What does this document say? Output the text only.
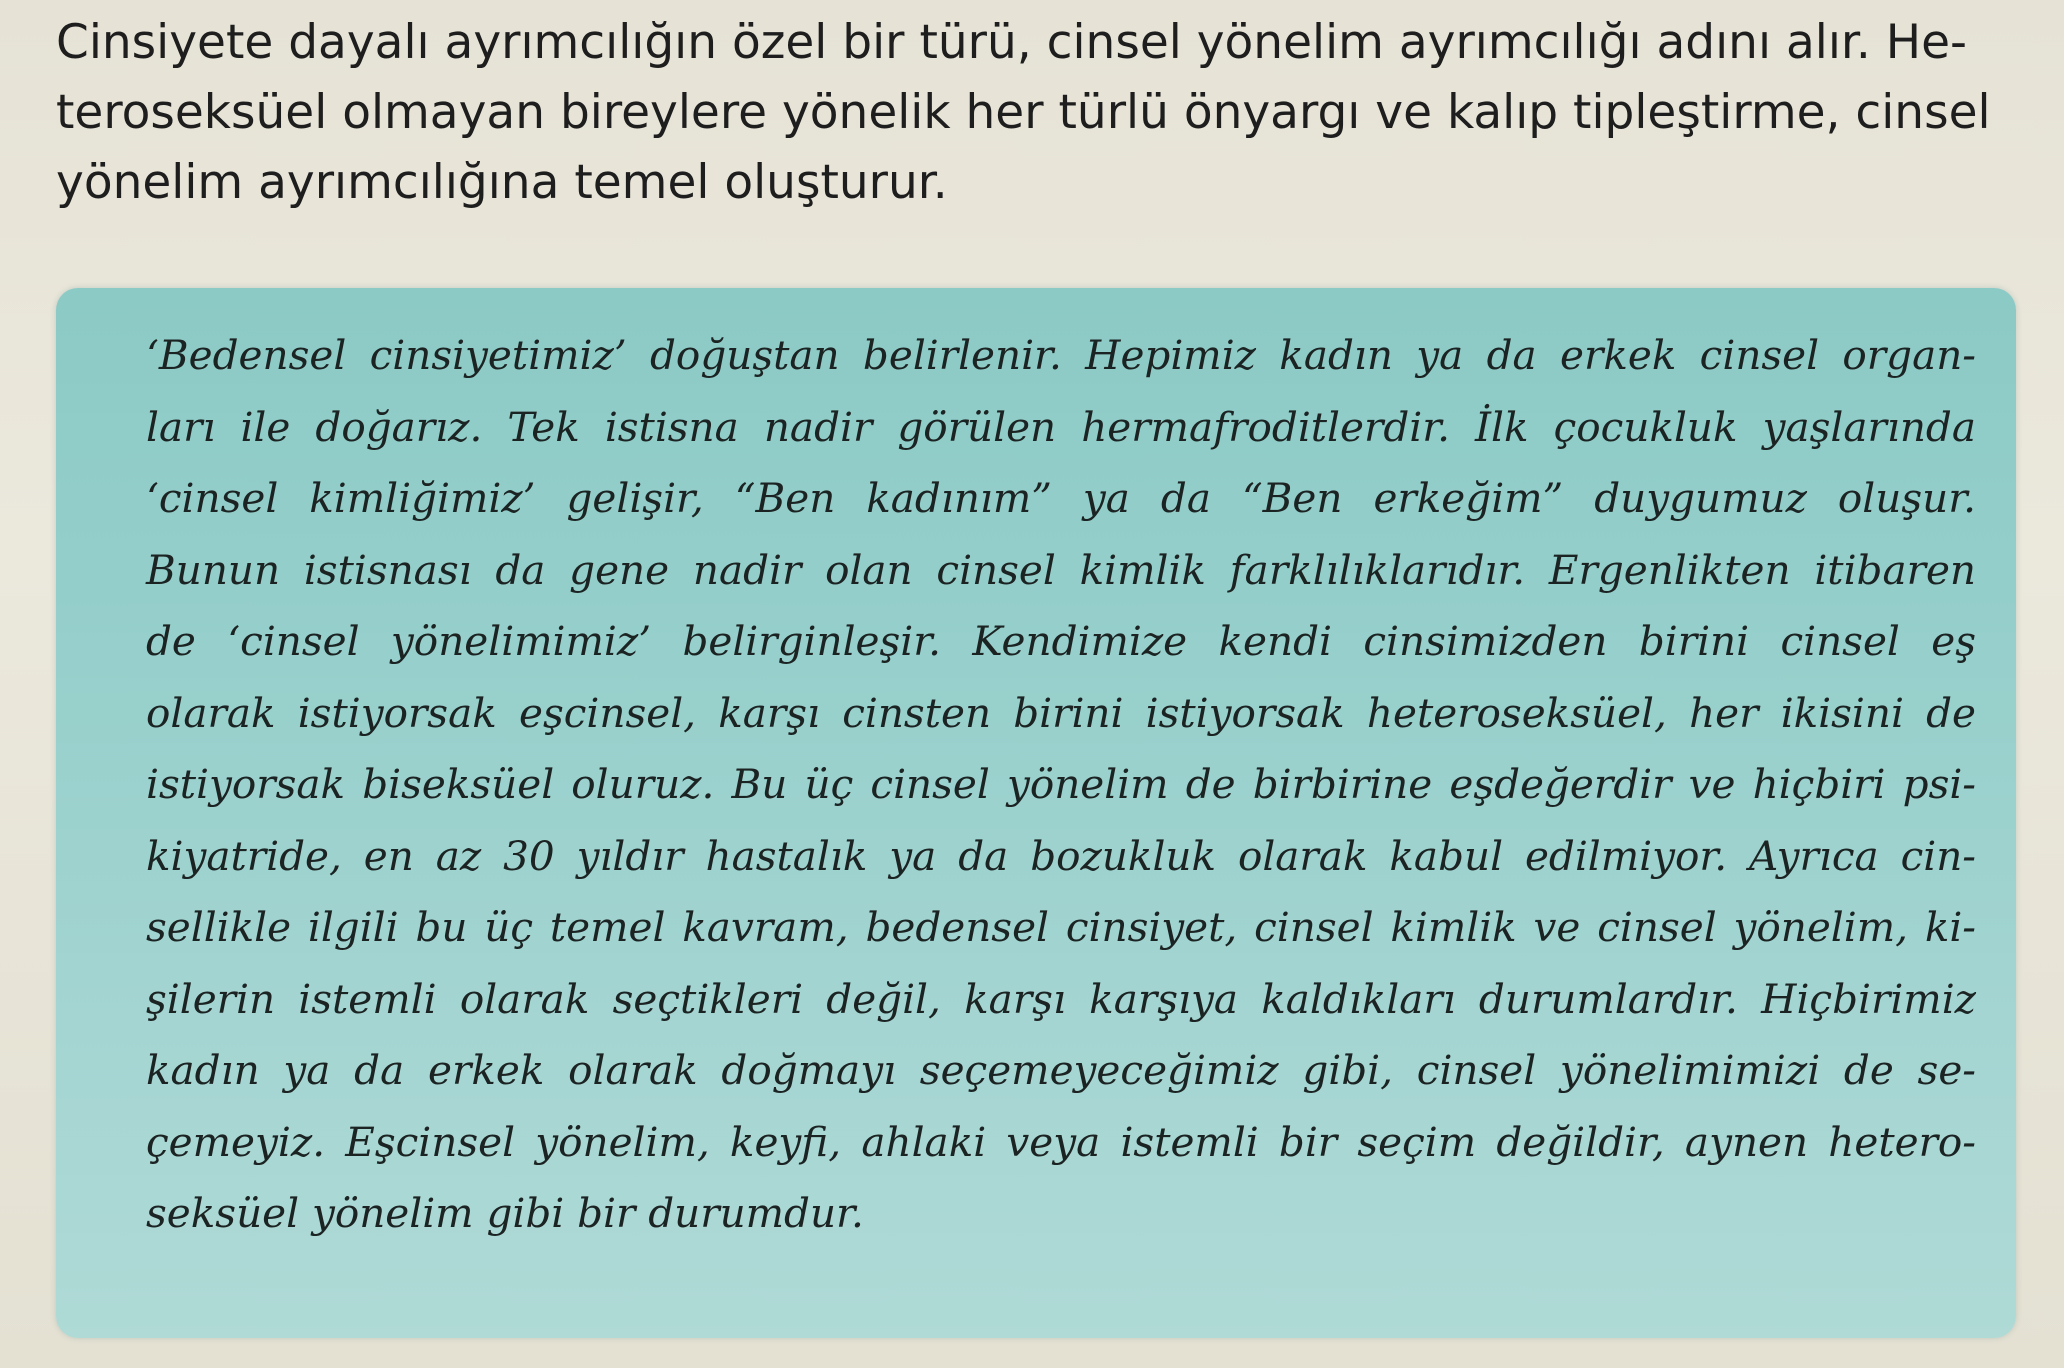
Cinsiyete dayalı ayrımcılığın özel bir türü, cinsel yönelim ayrımcılığı adını alır. He-
teroseksüel olmayan bireylere yönelik her türlü önyargı ve kalıp tipleştirme, cinsel
yönelim ayrımcılığına temel oluşturur.

‘Bedensel cinsiyetimiz’ doğuştan belirlenir. Hepimiz kadın ya da erkek cinsel organ-
ları ile doğarız. Tek istisna nadir görülen hermafroditlerdir. İlk çocukluk yaşlarında
‘cinsel kimliğimiz’ gelişir, “Ben kadınım” ya da “Ben erkeğim” duygumuz oluşur.
Bunun istisnası da gene nadir olan cinsel kimlik farklılıklarıdır. Ergenlikten itibaren
de ‘cinsel yönelimimiz’ belirginleşir. Kendimize kendi cinsimizden birini cinsel eş
olarak istiyorsak eşcinsel, karşı cinsten birini istiyorsak heteroseksüel, her ikisini de
istiyorsak biseksüel oluruz. Bu üç cinsel yönelim de birbirine eşdeğerdir ve hiçbiri psi-
kiyatride, en az 30 yıldır hastalık ya da bozukluk olarak kabul edilmiyor. Ayrıca cin-
sellikle ilgili bu üç temel kavram, bedensel cinsiyet, cinsel kimlik ve cinsel yönelim, ki-
şilerin istemli olarak seçtikleri değil, karşı karşıya kaldıkları durumlardır. Hiçbirimiz
kadın ya da erkek olarak doğmayı seçemeyeceğimiz gibi, cinsel yönelimimizi de se-
çemeyiz. Eşcinsel yönelim, keyfi, ahlaki veya istemli bir seçim değildir, aynen hetero-
seksüel yönelim gibi bir durumdur.
